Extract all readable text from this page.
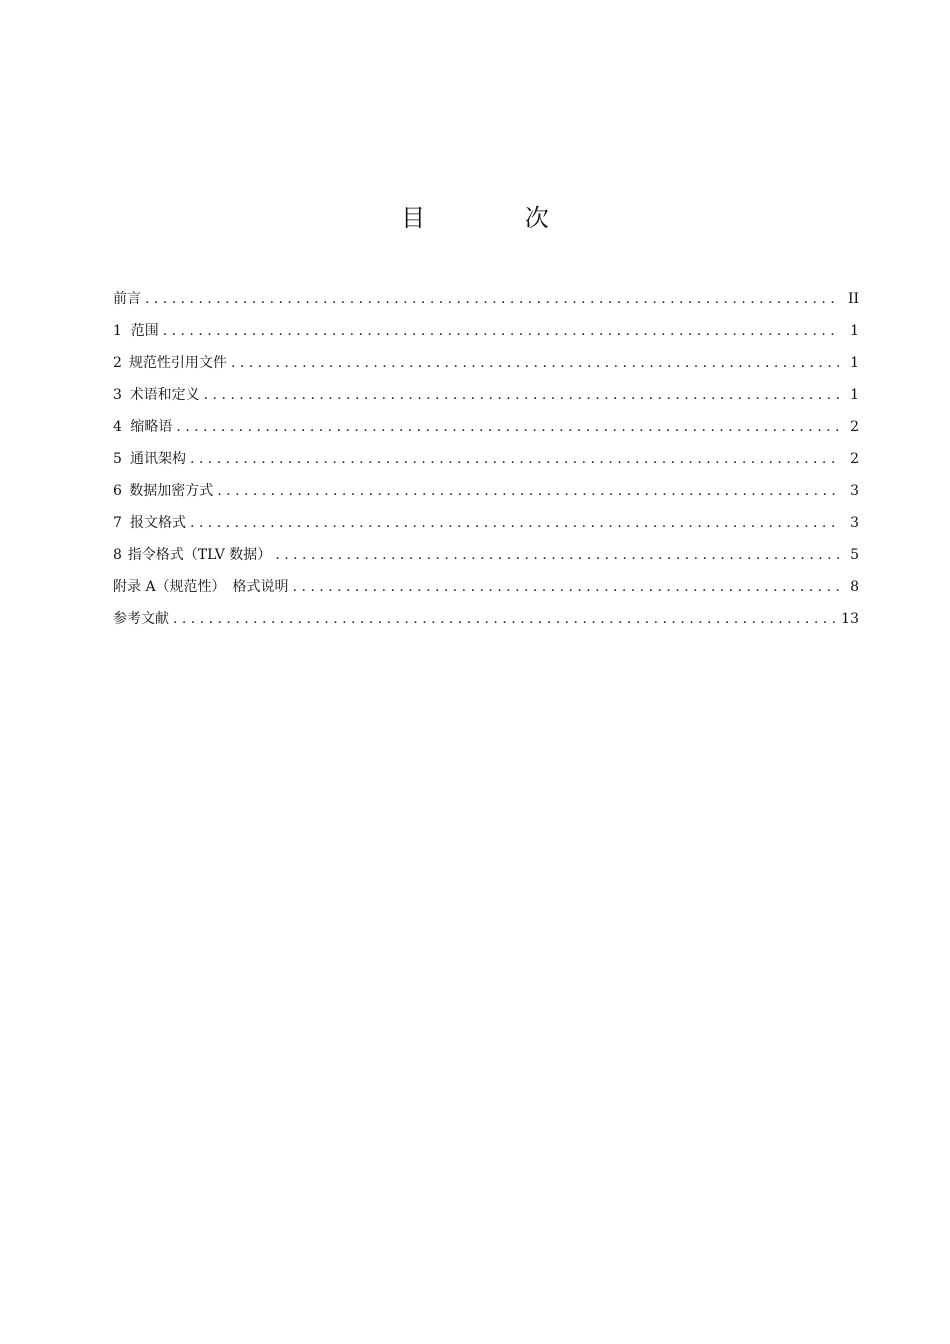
目 次
前言 . . .	II
1 范围 . . .	1
2 规范性引用文件 . . .	1
3 术语和定义 . . .	1
4 缩略语 . . .	2
5 通讯架构 . . .	2
6 数据加密方式 . . .	3
7 报文格式 . . .	3
8 指令格式（TLV 数据） . . .	5
附录 A（规范性）　格式说明 . . .	8
参考文献 . . .	13
